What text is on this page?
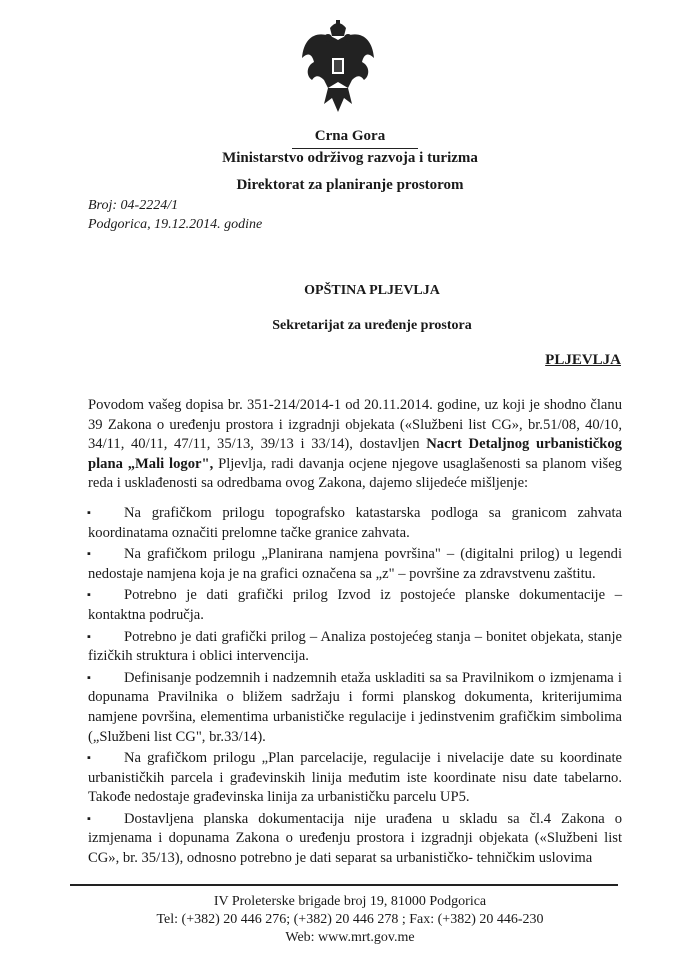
Crna Gora
Ministarstvo održivog razvoja i turizma
Direktorat za planiranje prostorom
Broj: 04-2224/1
Podgorica, 19.12.2014. godine
OPŠTINA PLJEVLJA
Sekretarijat za uređenje prostora
PLJEVLJA

Povodom vašeg dopisa br. 351-214/2014-1 od 20.11.2014. godine, uz koji je shodno članu 39 Zakona o uređenju prostora i izgradnji objekata («Službeni list CG», br.51/08, 40/10, 34/11, 40/11, 47/11, 35/13, 39/13 i 33/14), dostavljen Nacrt Detaljnog urbanističkog plana „Mali logor", Pljevlja, radi davanja ocjene njegove usaglašenosti sa planom višeg reda i usklađenosti sa odredbama ovog Zakona, dajemo slijedeće mišljenje:

▪ Na grafičkom prilogu topografsko katastarska podloga sa granicom zahvata koordinatama označiti prelomne tačke granice zahvata.

▪ Na grafičkom prilogu „Planirana namjena površina" – (digitalni prilog) u legendi nedostaje namjena koja je na grafici označena sa „z" – površine za zdravstvenu zaštitu.

▪ Potrebno je dati grafički prilog Izvod iz postojeće planske dokumentacije – kontaktna područja.

▪ Potrebno je dati grafički prilog – Analiza postojećeg stanja – bonitet objekata, stanje fizičkih struktura i oblici intervencija.

▪ Definisanje podzemnih i nadzemnih etaža uskladiti sa sa Pravilnikom o izmjenama i dopunama Pravilnika o bližem sadržaju i formi planskog dokumenta, kriterijumima namjene površina, elementima urbanističke regulacije i jedinstvenim grafičkim simbolima („Službeni list CG", br.33/14).

▪ Na grafičkom prilogu „Plan parcelacije, regulacije i nivelacije date su koordinate urbanističkih parcela i građevinskih linija međutim iste koordinate nisu date tabelarno. Takođe nedostaje građevinska linija za urbanističku parcelu UP5.

▪ Dostavljena planska dokumentacija nije urađena u skladu sa čl.4 Zakona o izmjenama i dopunama Zakona o uređenju prostora i izgradnji objekata («Službeni list CG», br. 35/13), odnosno potrebno je dati separat sa urbanističko- tehničkim uslovima

IV Proleterske brigade broj 19, 81000 Podgorica
Tel: (+382) 20 446 276; (+382) 20 446 278 ; Fax: (+382) 20 446-230
Web: www.mrt.gov.me
